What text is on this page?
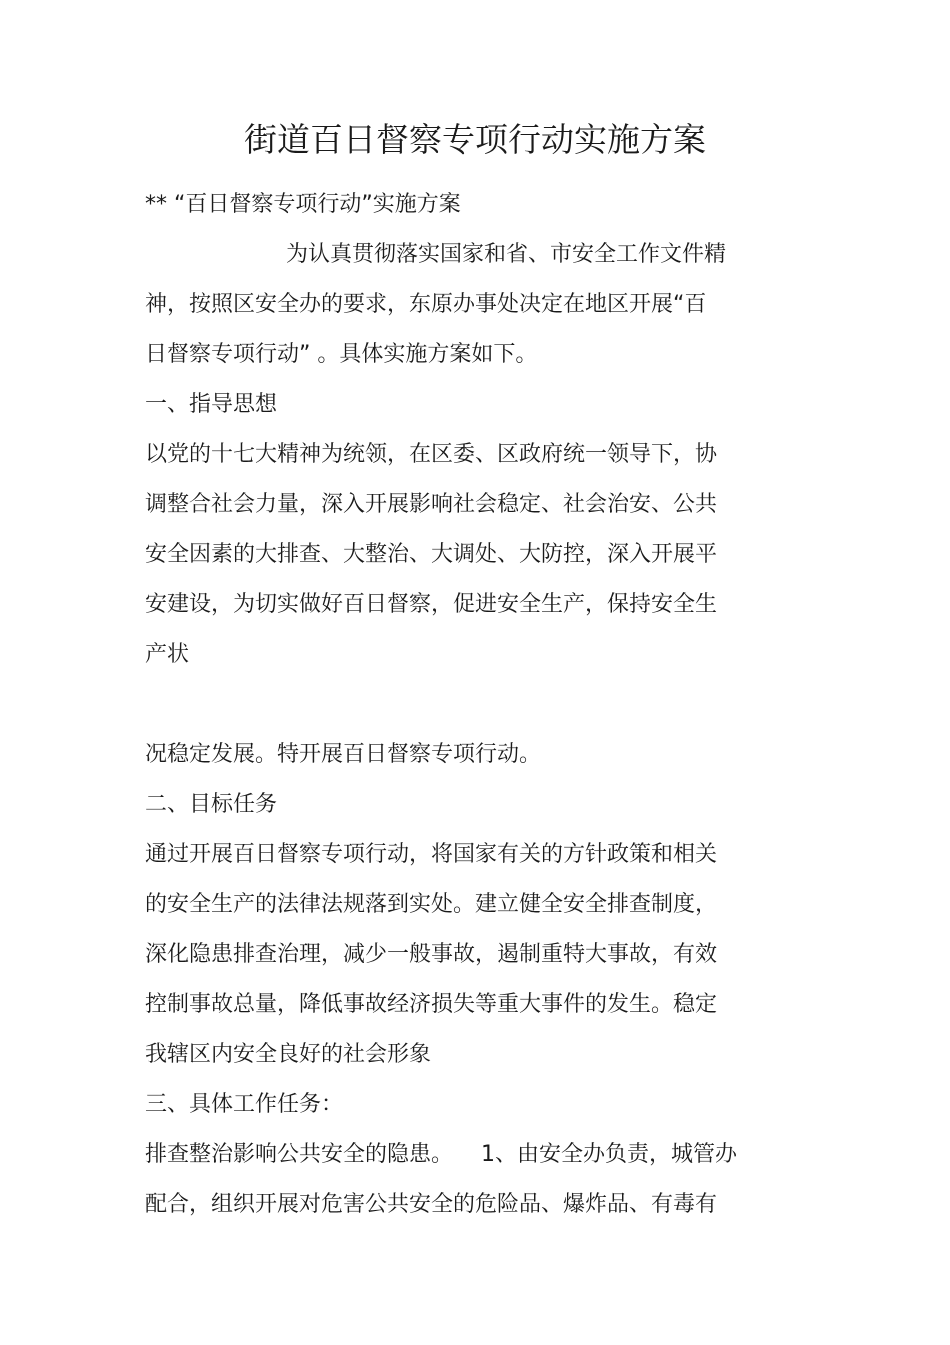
街道百日督察专项行动实施方案
** “百日督察专项行动”实施方案
为认真贯彻落实国家和省、市安全工作文件精
神，按照区安全办的要求，东原办事处决定在地区开展“百
日督察专项行动” 。具体实施方案如下。
一、指导思想
以党的十七大精神为统领，在区委、区政府统一领导下，协
调整合社会力量，深入开展影响社会稳定、社会治安、公共
安全因素的大排查、大整治、大调处、大防控，深入开展平
安建设，为切实做好百日督察，促进安全生产，保持安全生
产状
况稳定发展。特开展百日督察专项行动。
二、目标任务
通过开展百日督察专项行动，将国家有关的方针政策和相关
的安全生产的法律法规落到实处。建立健全安全排查制度，
深化隐患排查治理，减少一般事故，遏制重特大事故，有效
控制事故总量，降低事故经济损失等重大事件的发生。稳定
我辖区内安全良好的社会形象
三、具体工作任务：
排查整治影响公共安全的隐患。    1、由安全办负责，城管办
配合，组织开展对危害公共安全的危险品、爆炸品、有毒有
